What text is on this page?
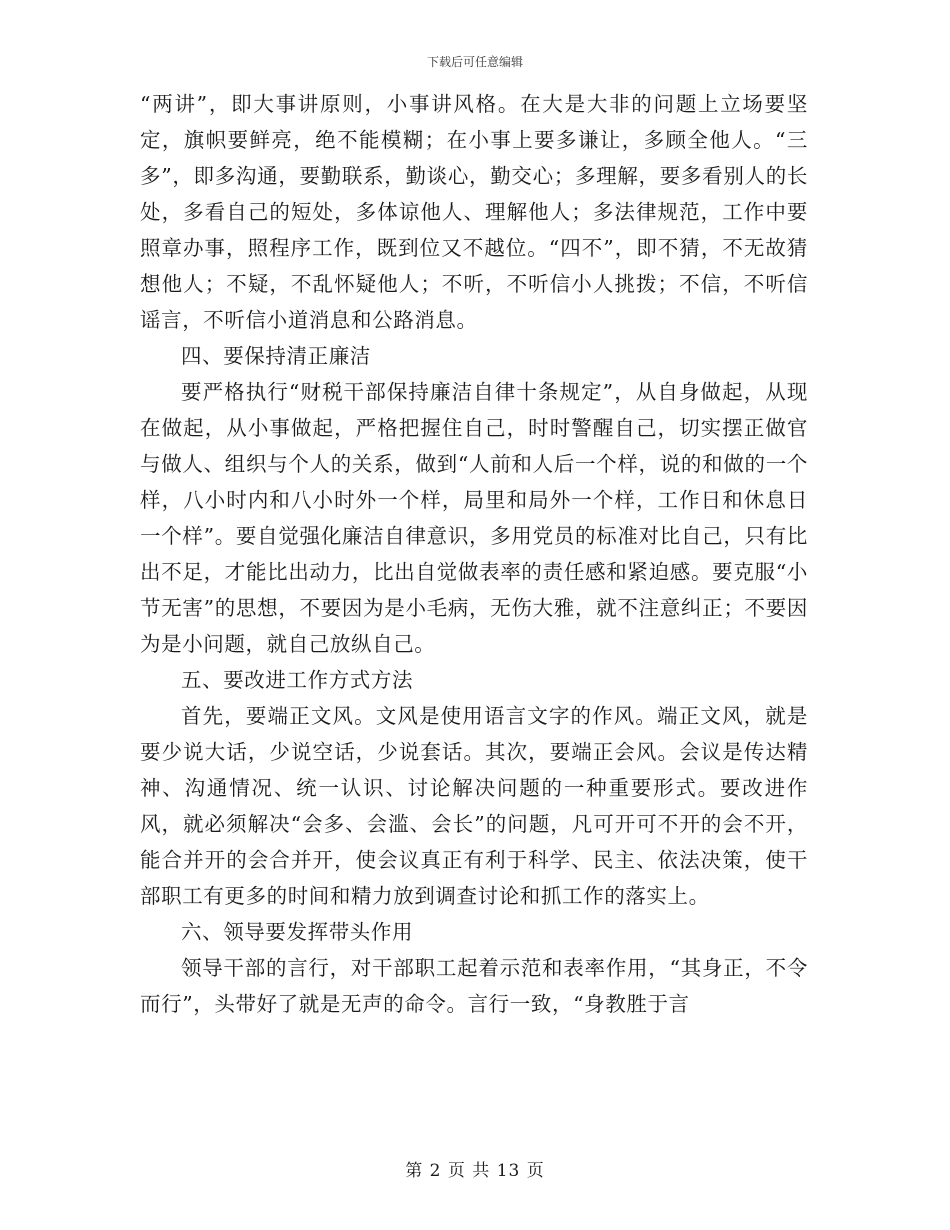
下载后可任意编辑

“两讲”，即大事讲原则，小事讲风格。在大是大非的问题上立场要坚定，旗帜要鲜亮，绝不能模糊；在小事上要多谦让，多顾全他人。“三多”，即多沟通，要勤联系，勤谈心，勤交心；多理解，要多看别人的长处，多看自己的短处，多体谅他人、理解他人；多法律规范，工作中要照章办事，照程序工作，既到位又不越位。“四不”，即不猜，不无故猜想他人；不疑，不乱怀疑他人；不听，不听信小人挑拨；不信，不听信谣言，不听信小道消息和公路消息。

四、要保持清正廉洁

要严格执行“财税干部保持廉洁自律十条规定”，从自身做起，从现在做起，从小事做起，严格把握住自己，时时警醒自己，切实摆正做官与做人、组织与个人的关系，做到“人前和人后一个样，说的和做的一个样，八小时内和八小时外一个样，局里和局外一个样，工作日和休息日一个样”。要自觉强化廉洁自律意识，多用党员的标准对比自己，只有比出不足，才能比出动力，比出自觉做表率的责任感和紧迫感。要克服“小节无害”的思想，不要因为是小毛病，无伤大雅，就不注意纠正；不要因为是小问题，就自己放纵自己。

五、要改进工作方式方法

首先，要端正文风。文风是使用语言文字的作风。端正文风，就是要少说大话，少说空话，少说套话。其次，要端正会风。会议是传达精神、沟通情况、统一认识、讨论解决问题的一种重要形式。要改进作风，就必须解决“会多、会滥、会长”的问题，凡可开可不开的会不开，能合并开的会合并开，使会议真正有利于科学、民主、依法决策，使干部职工有更多的时间和精力放到调查讨论和抓工作的落实上。

六、领导要发挥带头作用

领导干部的言行，对干部职工起着示范和表率作用，“其身正，不令而行”，头带好了就是无声的命令。言行一致，“身教胜于言

第 2 页 共 13 页
